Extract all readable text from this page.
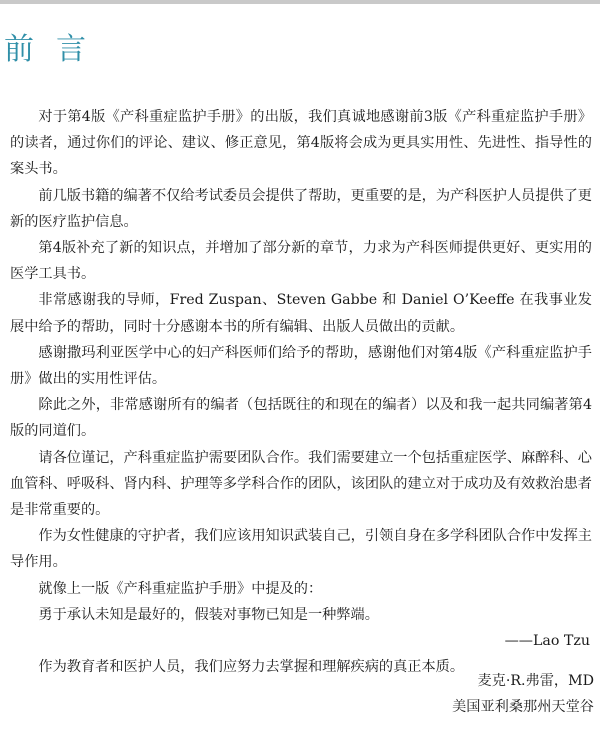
前言

对于第4版《产科重症监护手册》的出版，我们真诚地感谢前3版《产科重症监护手册》的读者，通过你们的评论、建议、修正意见，第4版将会成为更具实用性、先进性、指导性的案头书。

前几版书籍的编著不仅给考试委员会提供了帮助，更重要的是，为产科医护人员提供了更新的医疗监护信息。

第4版补充了新的知识点，并增加了部分新的章节，力求为产科医师提供更好、更实用的医学工具书。

非常感谢我的导师，Fred Zuspan、Steven Gabbe 和 Daniel O’Keeffe 在我事业发展中给予的帮助，同时十分感谢本书的所有编辑、出版人员做出的贡献。

感谢撒玛利亚医学中心的妇产科医师们给予的帮助，感谢他们对第4版《产科重症监护手册》做出的实用性评估。

除此之外，非常感谢所有的编者（包括既往的和现在的编者）以及和我一起共同编著第4版的同道们。

请各位谨记，产科重症监护需要团队合作。我们需要建立一个包括重症医学、麻醉科、心血管科、呼吸科、肾内科、护理等多学科合作的团队，该团队的建立对于成功及有效救治患者是非常重要的。

作为女性健康的守护者，我们应该用知识武装自己，引领自身在多学科团队合作中发挥主导作用。

就像上一版《产科重症监护手册》中提及的：

勇于承认未知是最好的，假装对事物已知是一种弊端。

——Lao Tzu

作为教育者和医护人员，我们应努力去掌握和理解疾病的真正本质。

麦克·R.弗雷，MD
美国亚利桑那州天堂谷
